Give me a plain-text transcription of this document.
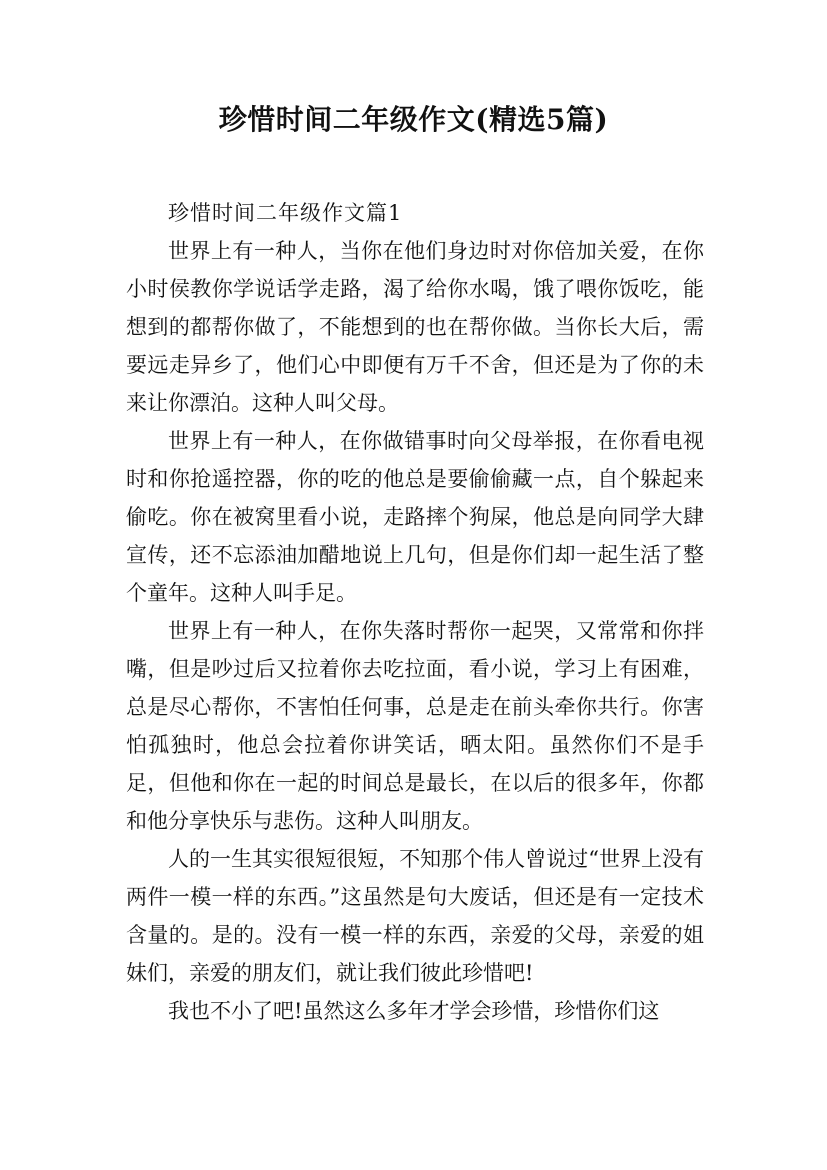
珍惜时间二年级作文(精选5篇)

珍惜时间二年级作文篇1

世界上有一种人，当你在他们身边时对你倍加关爱，在你小时侯教你学说话学走路，渴了给你水喝，饿了喂你饭吃，能想到的都帮你做了，不能想到的也在帮你做。当你长大后，需要远走异乡了，他们心中即便有万千不舍，但还是为了你的未来让你漂泊。这种人叫父母。

世界上有一种人，在你做错事时向父母举报，在你看电视时和你抢遥控器，你的吃的他总是要偷偷藏一点，自个躲起来偷吃。你在被窝里看小说，走路摔个狗屎，他总是向同学大肆宣传，还不忘添油加醋地说上几句，但是你们却一起生活了整个童年。这种人叫手足。

世界上有一种人，在你失落时帮你一起哭，又常常和你拌嘴，但是吵过后又拉着你去吃拉面，看小说，学习上有困难，总是尽心帮你，不害怕任何事，总是走在前头牵你共行。你害怕孤独时，他总会拉着你讲笑话，晒太阳。虽然你们不是手足，但他和你在一起的时间总是最长，在以后的很多年，你都和他分享快乐与悲伤。这种人叫朋友。

人的一生其实很短很短，不知那个伟人曾说过“世界上没有两件一模一样的东西。”这虽然是句大废话，但还是有一定技术含量的。是的。没有一模一样的东西，亲爱的父母，亲爱的姐妹们，亲爱的朋友们，就让我们彼此珍惜吧!

我也不小了吧!虽然这么多年才学会珍惜，珍惜你们这
